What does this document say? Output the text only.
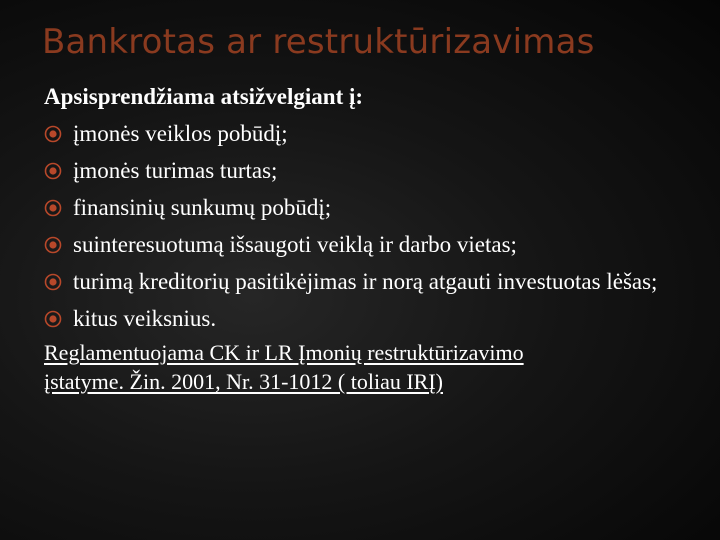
Bankrotas ar restruktūrizavimas
Apsisprendžiama atsižvelgiant į:
įmonės veiklos pobūdį;
įmonės turimas turtas;
finansinių sunkumų pobūdį;
suinteresuotumą išsaugoti veiklą ir darbo vietas;
turimą kreditorių pasitikėjimas ir norą atgauti investuotas lėšas;
kitus veiksnius.
Reglamentuojama CK ir LR Įmonių restruktūrizavimo
įstatyme. Žin. 2001, Nr. 31-1012 ( toliau IRĮ)
